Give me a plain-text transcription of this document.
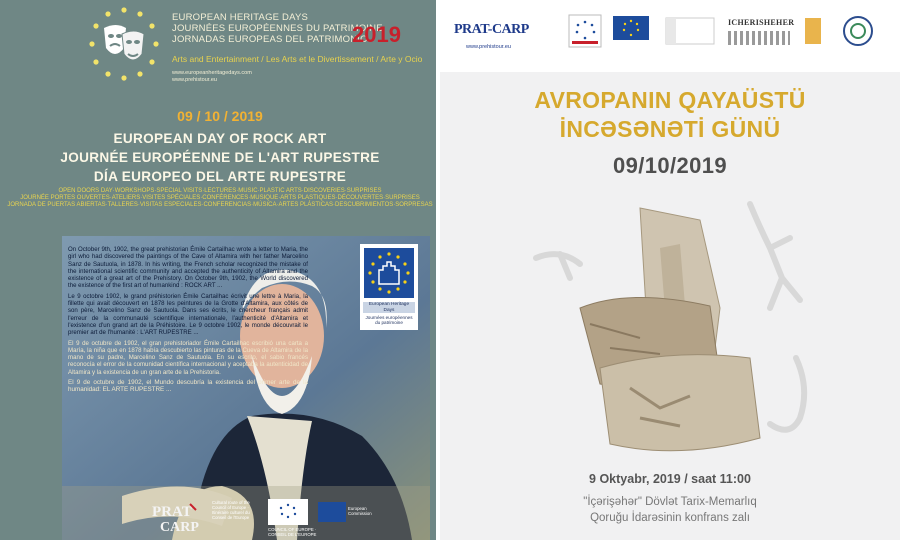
EUROPEAN HERITAGE DAYS
JOURNÉES EUROPÉENNES DU PATRIMOINE
JORNADAS EUROPEAS DEL PATRIMONIO
2019
Arts and Entertainment / Les Arts et le Divertissement / Arte y Ocio
www.europeanheritagedays.com
www.prehistour.eu
09 / 10 / 2019
EUROPEAN DAY OF ROCK ART
JOURNÉE EUROPÉENNE DE L'ART RUPESTRE
DÍA EUROPEO DEL ARTE RUPESTRE
OPEN DOORS DAY·WORKSHOPS·SPECIAL VISITS·LECTURES·MUSIC·PLASTIC ARTS·DISCOVERIES·SURPRISES
JOURNÉE PORTES OUVERTES·ATELIERS·VISITES SPÉCIALES·CONFÉRENCES·MUSIQUE·ARTS PLASTIQUES·DÉCOUVERTES·SURPRISES
JORNADA DE PUERTAS ABIERTAS·TALLERES·VISITAS ESPECIALES·CONFERENCIAS·MÚSICA·ARTES PLÁSTICAS·DESCUBRIMIENTOS·SORPRESAS

On October 9th, 1902, the great prehistorian Émile Cartailhac wrote a letter to Maria, the girl who had discovered the paintings of the Cave of Altamira with her father Marcelino Sanz de Sautuola, in 1878. In his writing, the French scholar recognized the mistake of the international scientific community and accepted the authenticity of Altamira and the existence of a great art of the Prehistory. On October 9th, 1902, the World discovered the existence of the first art of humankind : ROCK ART ...

Le 9 octobre 1902, le grand préhistorien Émile Cartailhac écrivit une lettre à Maria, la fillette qui avait découvert en 1878 les peintures de la Grotte d'Altamira, aux côtés de son père, Marcelino Sanz de Sautuola. Dans ses écrits, le chercheur français admit l'erreur de la communauté scientifique internationale, l'authenticité d'Altamira et l'existence d'un grand art de la Préhistoire. Le 9 octobre 1902, le monde découvrait le premier art de l'humanité : L'ART RUPESTRE ...

El 9 de octubre de 1902, el gran prehistoriador Émile Cartailhac escribió una carta a María, la niña que en 1878 había descubierto las pinturas de la Cueva de Altamira de la mano de su padre, Marcelino Sanz de Sautuola. En su escrito, el sabio francés reconocía el error de la comunidad científica internacional y aceptaba la autenticidad de Altamira y la existencia de un gran arte de la Prehistoria.

El 9 de octubre de 1902, el Mundo descubría la existencia del primer arte de la humanidad: EL ARTE RUPESTRE ...

European Heritage Days
Journées européennes du patrimoine
PRAT
CARP
Cultural route of the Council of Europe · Itinéraire culturel du Conseil de l'Europe
COUNCIL OF EUROPE · CONSEIL DE L'EUROPE
European Commission
PRAT-CARP
www.prehistour.eu
ICHERISHEHER
AVROPANIN QAYAÜSTÜ
İNCƏSƏNƏTİ GÜNÜ
09/10/2019
9 Oktyabr, 2019 / saat 11:00
"İçərişəhər" Dövlət Tarix-Memarlıq
Qoruğu İdarəsinin konfrans zalı
